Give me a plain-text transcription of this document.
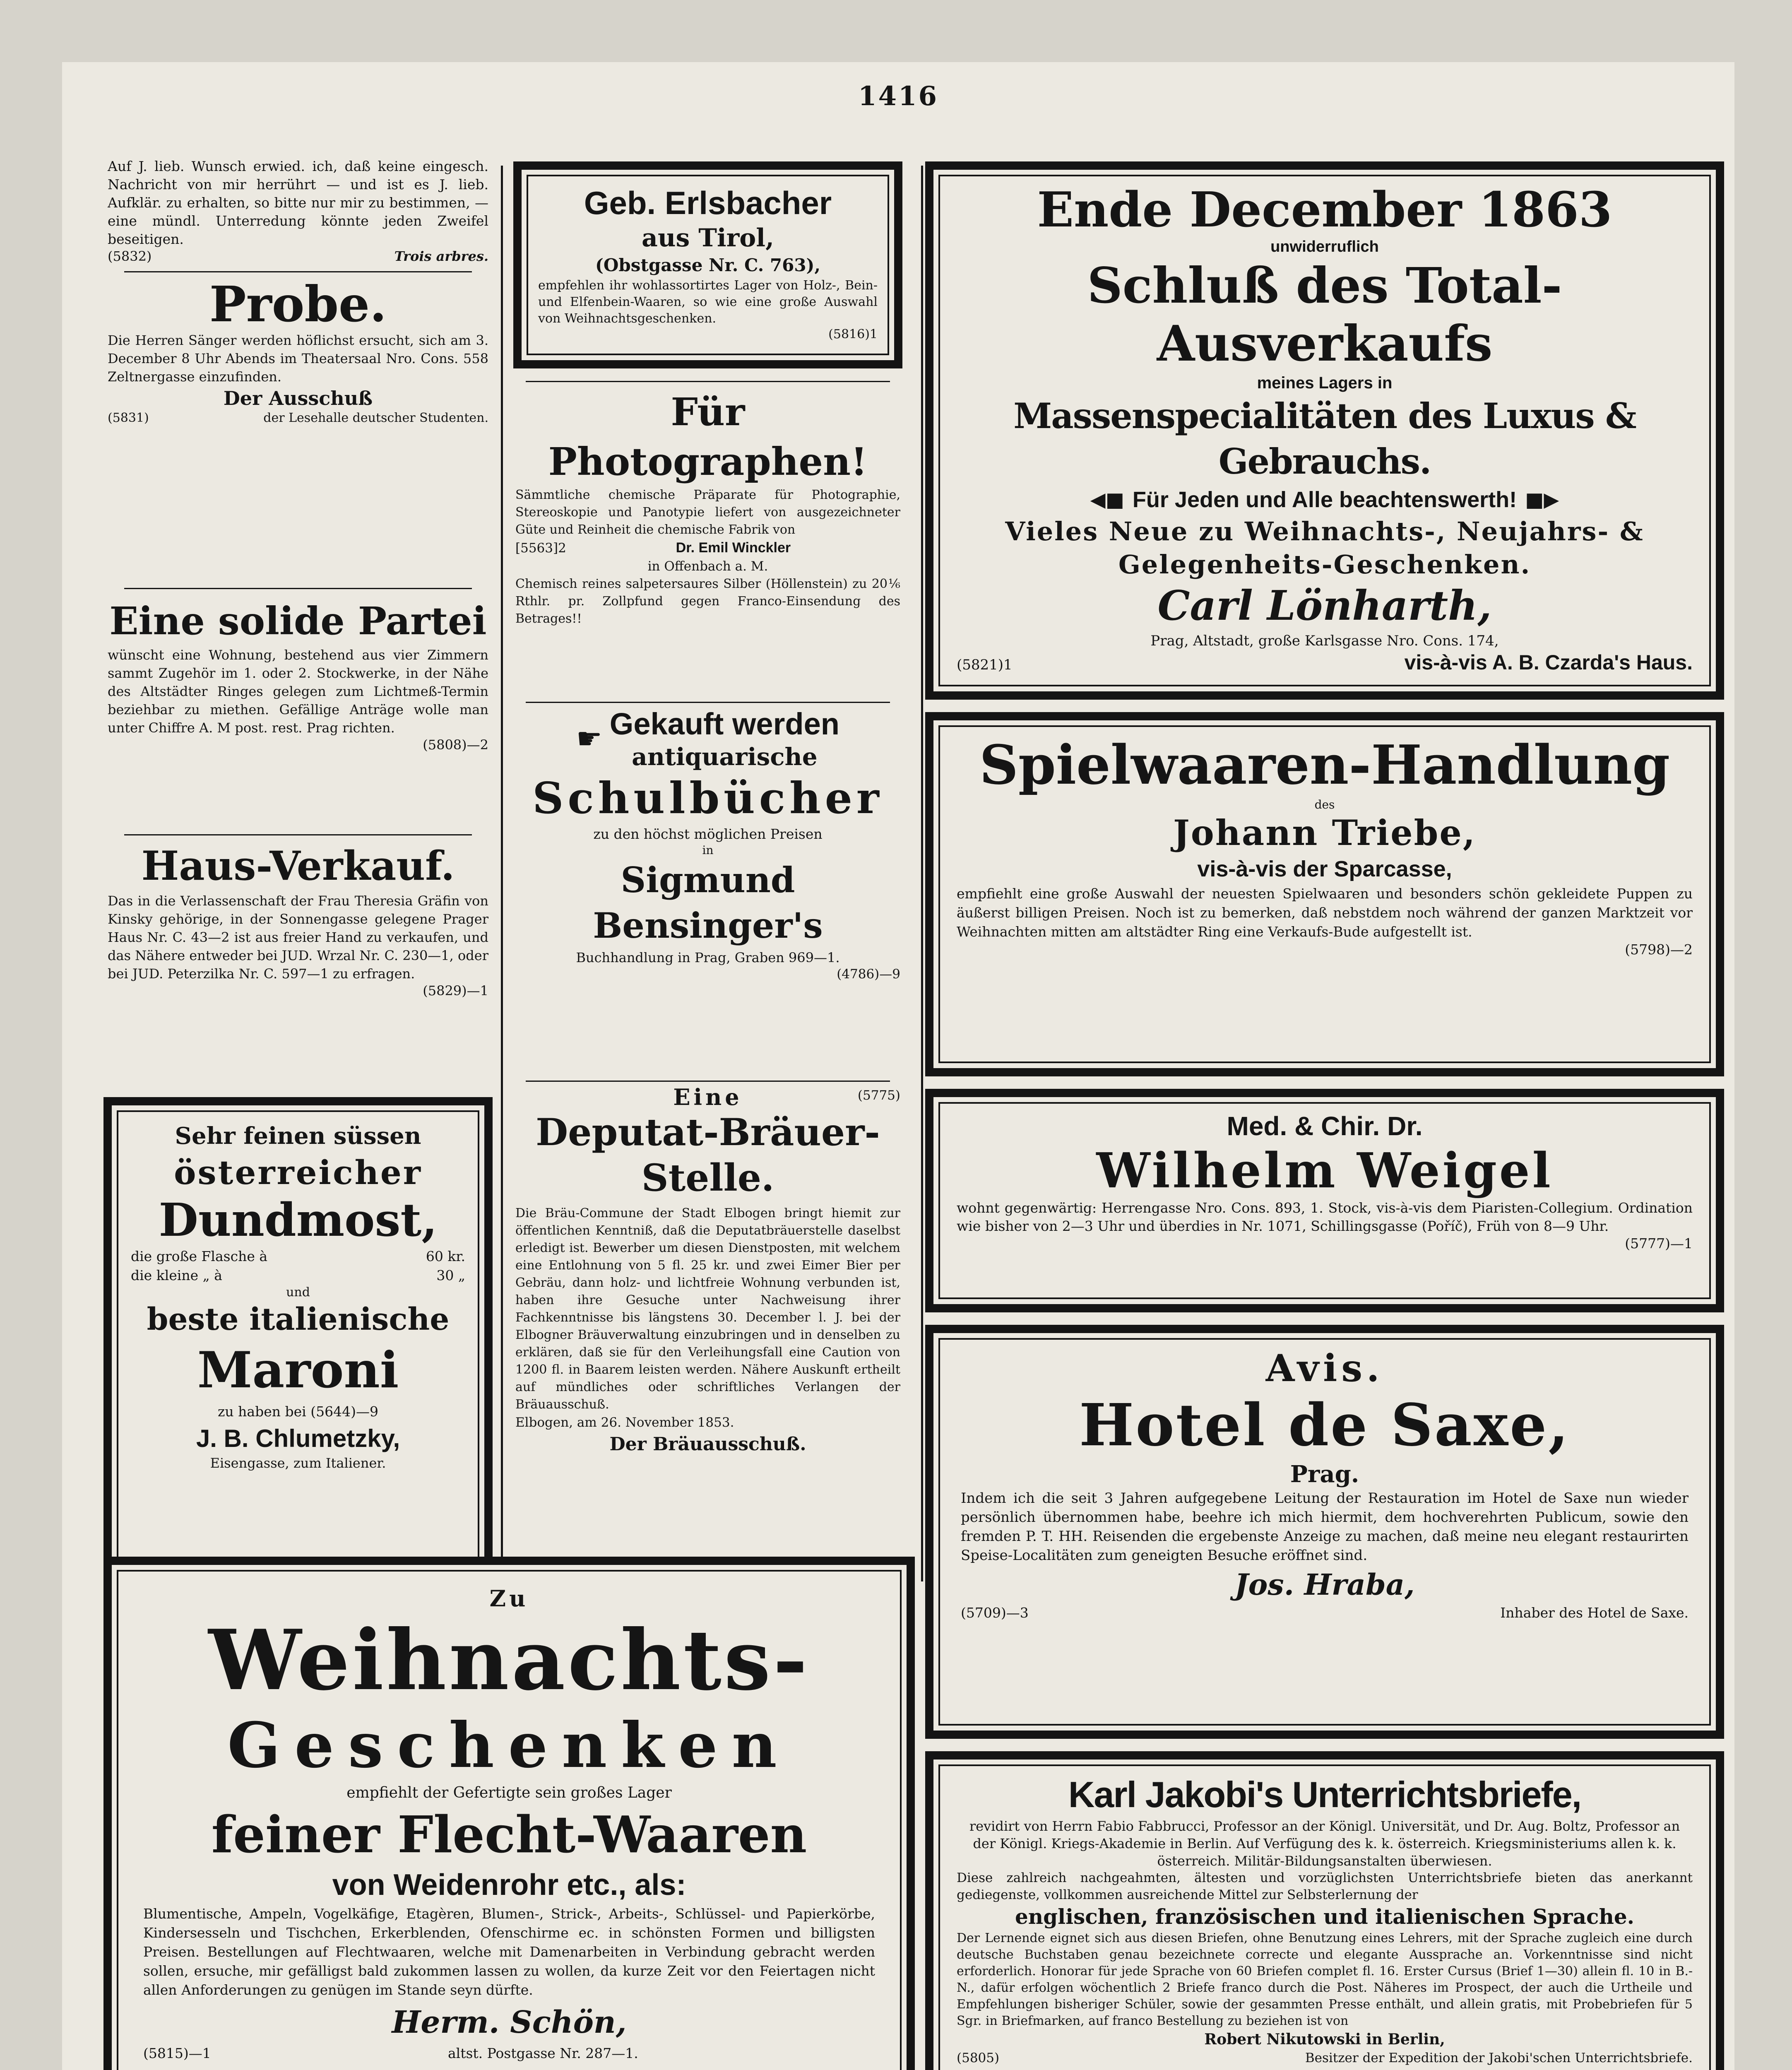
1416

Auf J. lieb. Wunsch erwied. ich, daß keine eingesch. Nachricht von mir herrührt — und ist es J. lieb. Aufklär. zu erhalten, so bitte nur mir zu bestimmen, — eine mündl. Unterredung könnte jeden Zweifel beseitigen.

(5832)	Trois arbres.
Probe.

Die Herren Sänger werden höflichst ersucht, sich am 3. December 8 Uhr Abends im Theatersaal Nro. Cons. 558 Zeltnergasse einzufinden.

Der Ausschuß
(5831)	der Lesehalle deutscher Studenten.
Eine solide Partei

wünscht eine Wohnung, bestehend aus vier Zimmern sammt Zugehör im 1. oder 2. Stockwerke, in der Nähe des Altstädter Ringes gelegen zum Lichtmeß-Termin beziehbar zu miethen. Gefällige Anträge wolle man unter Chiffre A. M post. rest. Prag richten.

(5808)—2
Haus-Verkauf.

Das in die Verlassenschaft der Frau Theresia Gräfin von Kinsky gehörige, in der Sonnengasse gelegene Prager Haus Nr. C. 43—2 ist aus freier Hand zu verkaufen, und das Nähere entweder bei JUD. Wrzal Nr. C. 230—1, oder bei JUD. Peterzilka Nr. C. 597—1 zu erfragen.

(5829)—1
Sehr feinen süssen
österreicher
Dundmost,
die große Flasche à	60 kr.
die kleine „ à	30 „
und
beste italienische
Maroni
zu haben bei (5644)—9
J. B. Chlumetzky,
Eisengasse, zum Italiener.
Geb. Erlsbacher
aus Tirol,
(Obstgasse Nr. C. 763),

empfehlen ihr wohlassortirtes Lager von Holz-, Bein- und Elfenbein-Waaren, so wie eine große Auswahl von Weihnachtsgeschenken.

(5816)1
Für Photographen!

Sämmtliche chemische Präparate für Photographie, Stereoskopie und Panotypie liefert von ausgezeichneter Güte und Reinheit die chemische Fabrik von

[5563]2	Dr. Emil Winckler
in Offenbach a. M.

Chemisch reines salpetersaures Silber (Höllenstein) zu 20⅙ Rthlr. pr. Zollpfund gegen Franco-Einsendung des Betrages!!

☛ Gekauft werden
antiquarische
Schulbücher
zu den höchst möglichen Preisen
in
Sigmund Bensinger's
Buchhandlung in Prag, Graben 969—1.
(4786)—9
Eine	(5775)
Deputat-Bräuer-
Stelle.

Die Bräu-Commune der Stadt Elbogen bringt hiemit zur öffentlichen Kenntniß, daß die Deputatbräuerstelle daselbst erledigt ist. Bewerber um diesen Dienstposten, mit welchem eine Entlohnung von 5 fl. 25 kr. und zwei Eimer Bier per Gebräu, dann holz- und lichtfreie Wohnung verbunden ist, haben ihre Gesuche unter Nachweisung ihrer Fachkenntnisse bis längstens 30. December l. J. bei der Elbogner Bräuverwaltung einzubringen und in denselben zu erklären, daß sie für den Verleihungsfall eine Caution von 1200 fl. in Baarem leisten werden. Nähere Auskunft ertheilt auf mündliches oder schriftliches Verlangen der Bräuausschuß.

Elbogen, am 26. November 1853.
Der Bräuausschuß.
Zu
Weihnachts-
Geschenken
empfiehlt der Gefertigte sein großes Lager
feiner Flecht-Waaren
von Weidenrohr etc., als:

Blumentische, Ampeln, Vogelkäfige, Etagèren, Blumen-, Strick-, Arbeits-, Schlüssel- und Papierkörbe, Kindersesseln und Tischchen, Erkerblenden, Ofenschirme ec. in schönsten Formen und billigsten Preisen. Bestellungen auf Flechtwaaren, welche mit Damenarbeiten in Verbindung gebracht werden sollen, ersuche, mir gefälligst bald zukommen lassen zu wollen, da kurze Zeit vor den Feiertagen nicht allen Anforderungen zu genügen im Stande seyn dürfte.

Herm. Schön,
(5815)—1	altst. Postgasse Nr. 287—1.
Ende December 1863
unwiderruflich
Schluß des Total-Ausverkaufs
meines Lagers in
Massenspecialitäten des Luxus & Gebrauchs.
◀■ Für Jeden und Alle beachtenswerth! ■▶
Vieles Neue zu Weihnachts-, Neujahrs- & Gelegenheits-Geschenken.
Carl Lönharth,
Prag, Altstadt, große Karlsgasse Nro. Cons. 174,
(5821)1	vis-à-vis A. B. Czarda's Haus.
Spielwaaren-Handlung
des
Johann Triebe,
vis-à-vis der Sparcasse,

empfiehlt eine große Auswahl der neuesten Spielwaaren und besonders schön gekleidete Puppen zu äußerst billigen Preisen. Noch ist zu bemerken, daß nebstdem noch während der ganzen Marktzeit vor Weihnachten mitten am altstädter Ring eine Verkaufs-Bude aufgestellt ist.

(5798)—2
Med. & Chir. Dr.
Wilhelm Weigel

wohnt gegenwärtig: Herrengasse Nro. Cons. 893, 1. Stock, vis-à-vis dem Piaristen-Collegium. Ordination wie bisher von 2—3 Uhr und überdies in Nr. 1071, Schillingsgasse (Poříč), Früh von 8—9 Uhr.

(5777)—1
Avis.
Hotel de Saxe,
Prag.

Indem ich die seit 3 Jahren aufgegebene Leitung der Restauration im Hotel de Saxe nun wieder persönlich übernommen habe, beehre ich mich hiermit, dem hochverehrten Publicum, sowie den fremden P. T. HH. Reisenden die ergebenste Anzeige zu machen, daß meine neu elegant restaurirten Speise-Localitäten zum geneigten Besuche eröffnet sind.

Jos. Hraba,
(5709)—3	Inhaber des Hotel de Saxe.
Karl Jakobi's Unterrichtsbriefe,

revidirt von Herrn Fabio Fabbrucci, Professor an der Königl. Universität, und Dr. Aug. Boltz, Professor an der Königl. Kriegs-Akademie in Berlin. Auf Verfügung des k. k. österreich. Kriegsministeriums allen k. k. österreich. Militär-Bildungsanstalten überwiesen.

Diese zahlreich nachgeahmten, ältesten und vorzüglichsten Unterrichtsbriefe bieten das anerkannt gediegenste, vollkommen ausreichende Mittel zur Selbsterlernung der

englischen, französischen und italienischen Sprache.

Der Lernende eignet sich aus diesen Briefen, ohne Benutzung eines Lehrers, mit der Sprache zugleich eine durch deutsche Buchstaben genau bezeichnete correcte und elegante Aussprache an. Vorkenntnisse sind nicht erforderlich. Honorar für jede Sprache von 60 Briefen complet fl. 16. Erster Cursus (Brief 1—30) allein fl. 10 in B.-N., dafür erfolgen wöchentlich 2 Briefe franco durch die Post. Näheres im Prospect, der auch die Urtheile und Empfehlungen bisheriger Schüler, sowie der gesammten Presse enthält, und allein gratis, mit Probebriefen für 5 Sgr. in Briefmarken, auf franco Bestellung zu beziehen ist von

Robert Nikutowski in Berlin,
(5805)	Besitzer der Expedition der Jakobi'schen Unterrichtsbriefe.
